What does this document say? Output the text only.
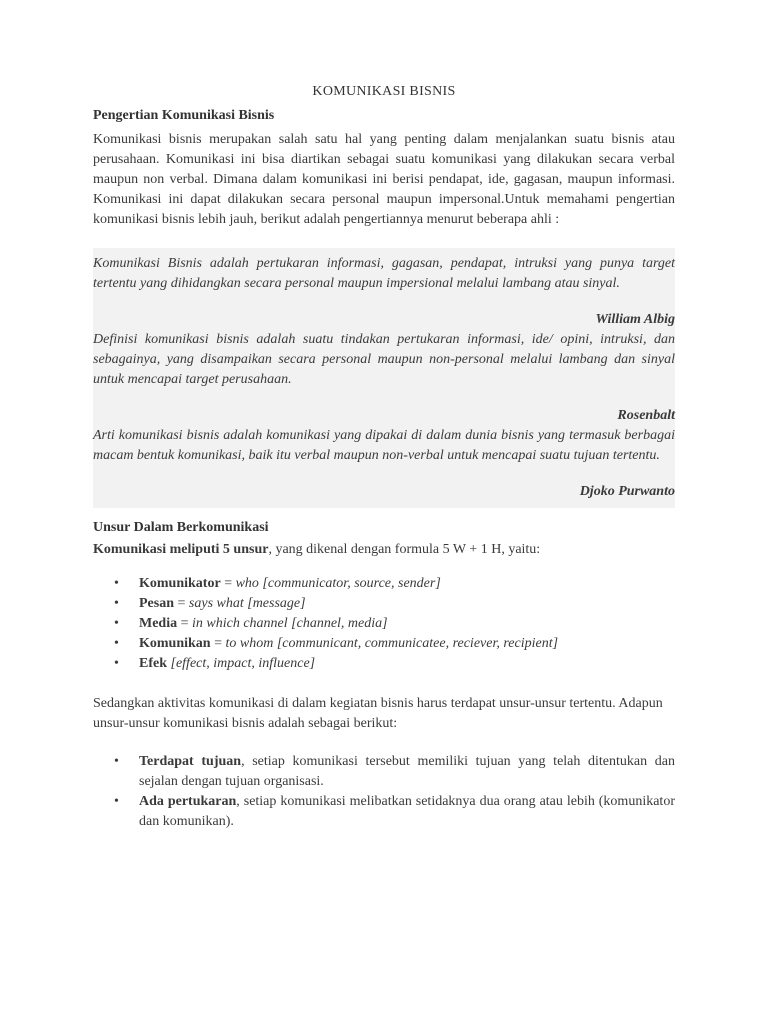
KOMUNIKASI BISNIS
Pengertian Komunikasi Bisnis

Komunikasi bisnis merupakan salah satu hal yang penting dalam menjalankan suatu bisnis atau perusahaan. Komunikasi ini bisa diartikan sebagai suatu komunikasi yang dilakukan secara verbal maupun non verbal. Dimana dalam komunikasi ini berisi pendapat, ide, gagasan, maupun informasi. Komunikasi ini dapat dilakukan secara personal maupun impersonal.Untuk memahami pengertian komunikasi bisnis lebih jauh, berikut adalah pengertiannya menurut beberapa ahli :

Komunikasi Bisnis adalah pertukaran informasi, gagasan, pendapat, intruksi yang punya target tertentu yang dihidangkan secara personal maupun impersional melalui lambang atau sinyal.

William Albig

Definisi komunikasi bisnis adalah suatu tindakan pertukaran informasi, ide/ opini, intruksi, dan sebagainya, yang disampaikan secara personal maupun non-personal melalui lambang dan sinyal untuk mencapai target perusahaan.

Rosenbalt

Arti komunikasi bisnis adalah komunikasi yang dipakai di dalam dunia bisnis yang termasuk berbagai macam bentuk komunikasi, baik itu verbal maupun non-verbal untuk mencapai suatu tujuan tertentu.

Djoko Purwanto
Unsur Dalam Berkomunikasi

Komunikasi meliputi 5 unsur, yang dikenal dengan formula 5 W + 1 H, yaitu:

• Komunikator = who [communicator, source, sender]
• Pesan = says what [message]
• Media = in which channel [channel, media]
• Komunikan = to whom [communicant, communicatee, reciever, recipient]
• Efek [effect, impact, influence]

Sedangkan aktivitas komunikasi di dalam kegiatan bisnis harus terdapat unsur-unsur tertentu. Adapun unsur-unsur komunikasi bisnis adalah sebagai berikut:

• Terdapat tujuan, setiap komunikasi tersebut memiliki tujuan yang telah ditentukan dan sejalan dengan tujuan organisasi.
• Ada pertukaran, setiap komunikasi melibatkan setidaknya dua orang atau lebih (komunikator dan komunikan).
